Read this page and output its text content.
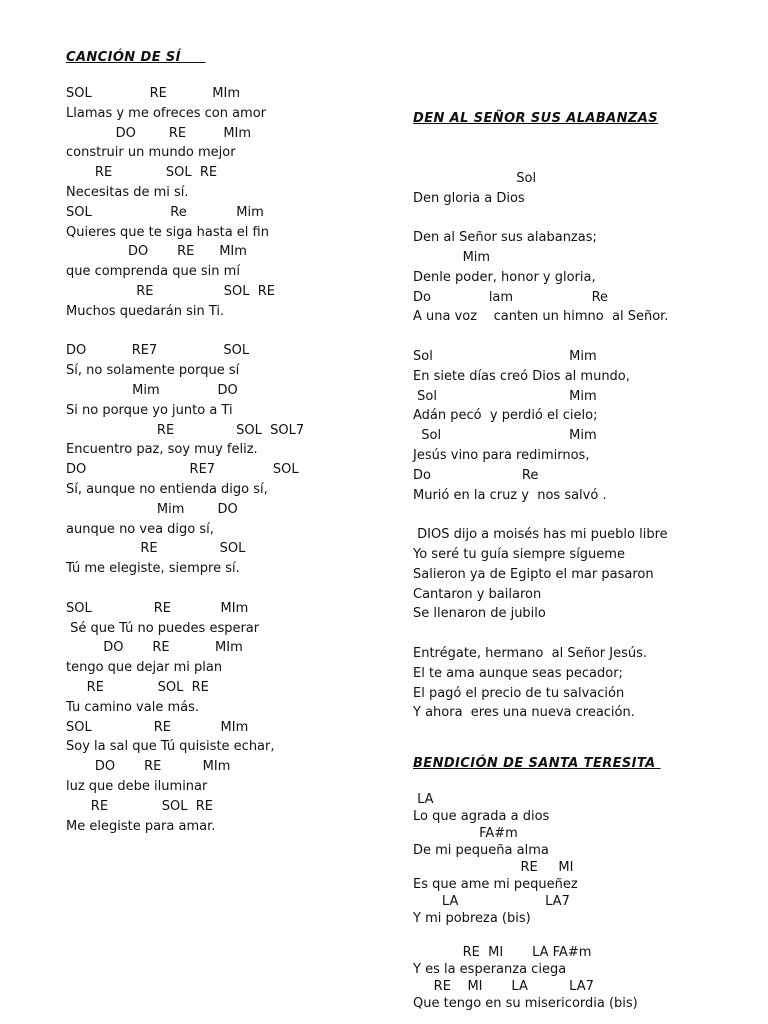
CANCIÓN DE SÍ
SOL              RE           MIm
Llamas y me ofreces con amor
DO        RE         MIm
construir un mundo mejor
RE             SOL  RE
Necesitas de mi sí.
SOL                   Re            Mim
Quieres que te siga hasta el fin
DO       RE      MIm
que comprenda que sin mí
RE                 SOL  RE
Muchos quedarán sin Ti.
DO           RE7                SOL
Sí, no solamente porque sí
Mim              DO
Si no porque yo junto a Ti
RE               SOL  SOL7
Encuentro paz, soy muy feliz.
DO                         RE7              SOL
Sí, aunque no entienda digo sí,
Mim        DO
aunque no vea digo sí,
RE               SOL
Tú me elegiste, siempre sí.
SOL               RE            MIm
Sé que Tú no puedes esperar
DO       RE           MIm
tengo que dejar mi plan
RE             SOL  RE
Tu camino vale más.
SOL               RE            MIm
Soy la sal que Tú quisiste echar,
DO       RE          MIm
luz que debe iluminar
RE             SOL  RE
Me elegiste para amar.
DEN AL SEÑOR SUS ALABANZAS
Sol
Den gloria a Dios
Den al Señor sus alabanzas;
Mim
Denle poder, honor y gloria,
Do              lam                   Re
A una voz    canten un himno  al Señor.
Sol                                 Mim
En siete días creó Dios al mundo,
Sol                                Mim
Adán pecó  y perdió el cielo;
Sol                               Mim
Jesús vino para redimirnos,
Do                      Re
Murió en la cruz y  nos salvó .
DIOS dijo a moisés has mi pueblo libre
Yo seré tu guía siempre sígueme
Salieron ya de Egipto el mar pasaron
Cantaron y bailaron
Se llenaron de jubilo
Entrégate, hermano  al Señor Jesús.
El te ama aunque seas pecador;
El pagó el precio de tu salvación
Y ahora  eres una nueva creación.
BENDICIÓN DE SANTA TERESITA
LA
Lo que agrada a dios
FA#m
De mi pequeña alma
RE     MI
Es que ame mi pequeñez
LA                     LA7
Y mi pobreza (bis)
RE  MI       LA FA#m
Y es la esperanza ciega
RE    MI       LA          LA7
Que tengo en su misericordia (bis)
